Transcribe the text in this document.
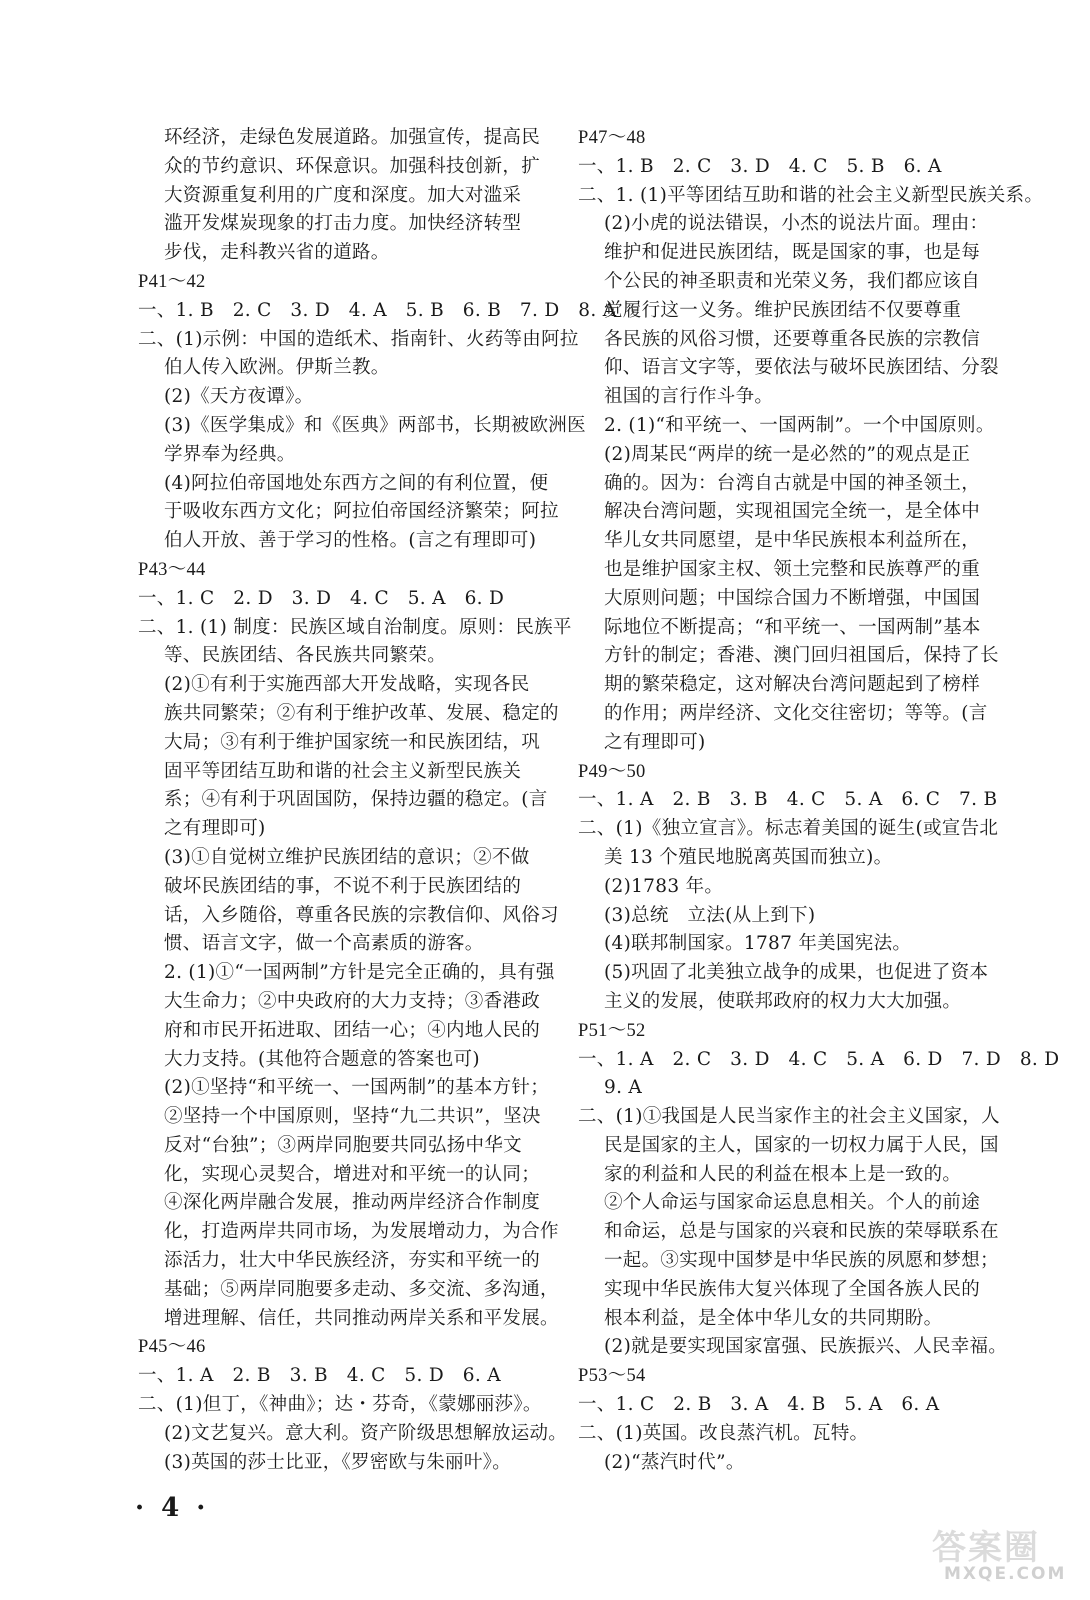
环经济，走绿色发展道路。加强宣传，提高民
众的节约意识、环保意识。加强科技创新，扩
大资源重复利用的广度和深度。加大对滥采
滥开发煤炭现象的打击力度。加快经济转型
步伐，走科教兴省的道路。
P41～42
一、1. B　2. C　3. D　4. A　5. B　6. B　7. D　8. A
二、(1)示例：中国的造纸术、指南针、火药等由阿拉
伯人传入欧洲。伊斯兰教。
(2)《天方夜谭》。
(3)《医学集成》和《医典》两部书，长期被欧洲医
学界奉为经典。
(4)阿拉伯帝国地处东西方之间的有利位置，便
于吸收东西方文化；阿拉伯帝国经济繁荣；阿拉
伯人开放、善于学习的性格。(言之有理即可)
P43～44
一、1. C　2. D　3. D　4. C　5. A　6. D
二、1. (1) 制度：民族区域自治制度。原则：民族平
等、民族团结、各民族共同繁荣。
(2)①有利于实施西部大开发战略，实现各民
族共同繁荣；②有利于维护改革、发展、稳定的
大局；③有利于维护国家统一和民族团结，巩
固平等团结互助和谐的社会主义新型民族关
系；④有利于巩固国防，保持边疆的稳定。(言
之有理即可)
(3)①自觉树立维护民族团结的意识；②不做
破坏民族团结的事，不说不利于民族团结的
话，入乡随俗，尊重各民族的宗教信仰、风俗习
惯、语言文字，做一个高素质的游客。
2. (1)①“一国两制”方针是完全正确的，具有强
大生命力；②中央政府的大力支持；③香港政
府和市民开拓进取、团结一心；④内地人民的
大力支持。(其他符合题意的答案也可)
(2)①坚持“和平统一、一国两制”的基本方针；
②坚持一个中国原则，坚持“九二共识”，坚决
反对“台独”；③两岸同胞要共同弘扬中华文
化，实现心灵契合，增进对和平统一的认同；
④深化两岸融合发展，推动两岸经济合作制度
化，打造两岸共同市场，为发展增动力，为合作
添活力，壮大中华民族经济，夯实和平统一的
基础；⑤两岸同胞要多走动、多交流、多沟通，
增进理解、信任，共同推动两岸关系和平发展。
P45～46
一、1. A　2. B　3. B　4. C　5. D　6. A
二、(1)但丁，《神曲》；达・芬奇，《蒙娜丽莎》。
(2)文艺复兴。意大利。资产阶级思想解放运动。
(3)英国的莎士比亚，《罗密欧与朱丽叶》。
P47～48
一、1. B　2. C　3. D　4. C　5. B　6. A
二、1. (1)平等团结互助和谐的社会主义新型民族关系。
(2)小虎的说法错误，小杰的说法片面。理由：
维护和促进民族团结，既是国家的事，也是每
个公民的神圣职责和光荣义务，我们都应该自
觉履行这一义务。维护民族团结不仅要尊重
各民族的风俗习惯，还要尊重各民族的宗教信
仰、语言文字等，要依法与破坏民族团结、分裂
祖国的言行作斗争。
2. (1)“和平统一、一国两制”。一个中国原则。
(2)周某民“两岸的统一是必然的”的观点是正
确的。因为：台湾自古就是中国的神圣领土，
解决台湾问题，实现祖国完全统一，是全体中
华儿女共同愿望，是中华民族根本利益所在，
也是维护国家主权、领土完整和民族尊严的重
大原则问题；中国综合国力不断增强，中国国
际地位不断提高；“和平统一、一国两制”基本
方针的制定；香港、澳门回归祖国后，保持了长
期的繁荣稳定，这对解决台湾问题起到了榜样
的作用；两岸经济、文化交往密切；等等。(言
之有理即可)
P49～50
一、1. A　2. B　3. B　4. C　5. A　6. C　7. B
二、(1)《独立宣言》。标志着美国的诞生(或宣告北
美 13 个殖民地脱离英国而独立)。
(2)1783 年。
(3)总统　立法(从上到下)
(4)联邦制国家。1787 年美国宪法。
(5)巩固了北美独立战争的成果，也促进了资本
主义的发展，使联邦政府的权力大大加强。
P51～52
一、1. A　2. C　3. D　4. C　5. A　6. D　7. D　8. D
9. A
二、(1)①我国是人民当家作主的社会主义国家，人
民是国家的主人，国家的一切权力属于人民，国
家的利益和人民的利益在根本上是一致的。
②个人命运与国家命运息息相关。个人的前途
和命运，总是与国家的兴衰和民族的荣辱联系在
一起。③实现中国梦是中华民族的夙愿和梦想；
实现中华民族伟大复兴体现了全国各族人民的
根本利益，是全体中华儿女的共同期盼。
(2)就是要实现国家富强、民族振兴、人民幸福。
P53～54
一、1. C　2. B　3. A　4. B　5. A　6. A
二、(1)英国。改良蒸汽机。瓦特。
(2)“蒸汽时代”。
· 4 ·
答案圈
MXQE.COM
